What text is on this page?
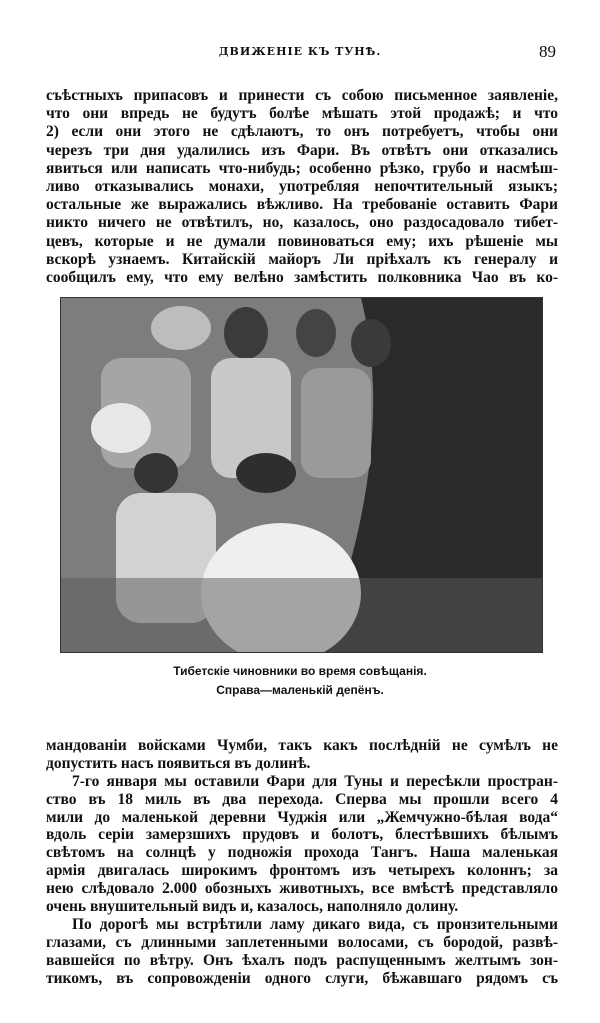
ДВИЖЕНІЕ КЪ ТУНѢ.	89
съѣстныхъ припасовъ и принести съ собою письменное заявленіе,
что они впредь не будутъ болѣе мѣшать этой продажѣ; и что
2) если они этого не сдѣлаютъ, то онъ потребуетъ, чтобы они
черезъ три дня удалились изъ Фари. Въ отвѣтъ они отказались
явиться или написать что-нибудь; особенно рѣзко, грубо и насмѣш-
ливо отказывались монахи, употребляя непочтительный языкъ;
остальные же выражались вѣжливо. На требованіе оставить Фари
никто ничего не отвѣтилъ, но, казалось, оно раздосадовало тибет-
цевъ, которые и не думали повиноваться ему; ихъ рѣшеніе мы
вскорѣ узнаемъ. Китайскій майоръ Ли пріѣхалъ къ генералу и
сообщилъ ему, что ему велѣно замѣстить полковника Чао въ ко-
Тибетскіе чиновники во время совѣщанія.
Справа—маленькій депёнъ.
мандованіи войсками Чумби, такъ какъ послѣдній не сумѣлъ не
допустить насъ появиться въ долинѣ.
7-го января мы оставили Фари для Туны и пересѣкли простран-
ство въ 18 миль въ два перехода. Сперва мы прошли всего 4
мили до маленькой деревни Чуджія или „Жемчужно-бѣлая вода“
вдоль серіи замерзшихъ прудовъ и болотъ, блестѣвшихъ бѣлымъ
свѣтомъ на солнцѣ у подножія прохода Тангъ. Наша маленькая
армія двигалась широкимъ фронтомъ изъ четырехъ колоннъ; за
нею слѣдовало 2.000 обозныхъ животныхъ, все вмѣстѣ представляло
очень внушительный видъ и, казалось, наполняло долину.
По дорогѣ мы встрѣтили ламу дикаго вида, съ пронзительными
глазами, съ длинными заплетенными волосами, съ бородой, развѣ-
вавшейся по вѣтру. Онъ ѣхалъ подъ распущеннымъ желтымъ зон-
тикомъ, въ сопровожденіи одного слуги, бѣжавшаго рядомъ съ
